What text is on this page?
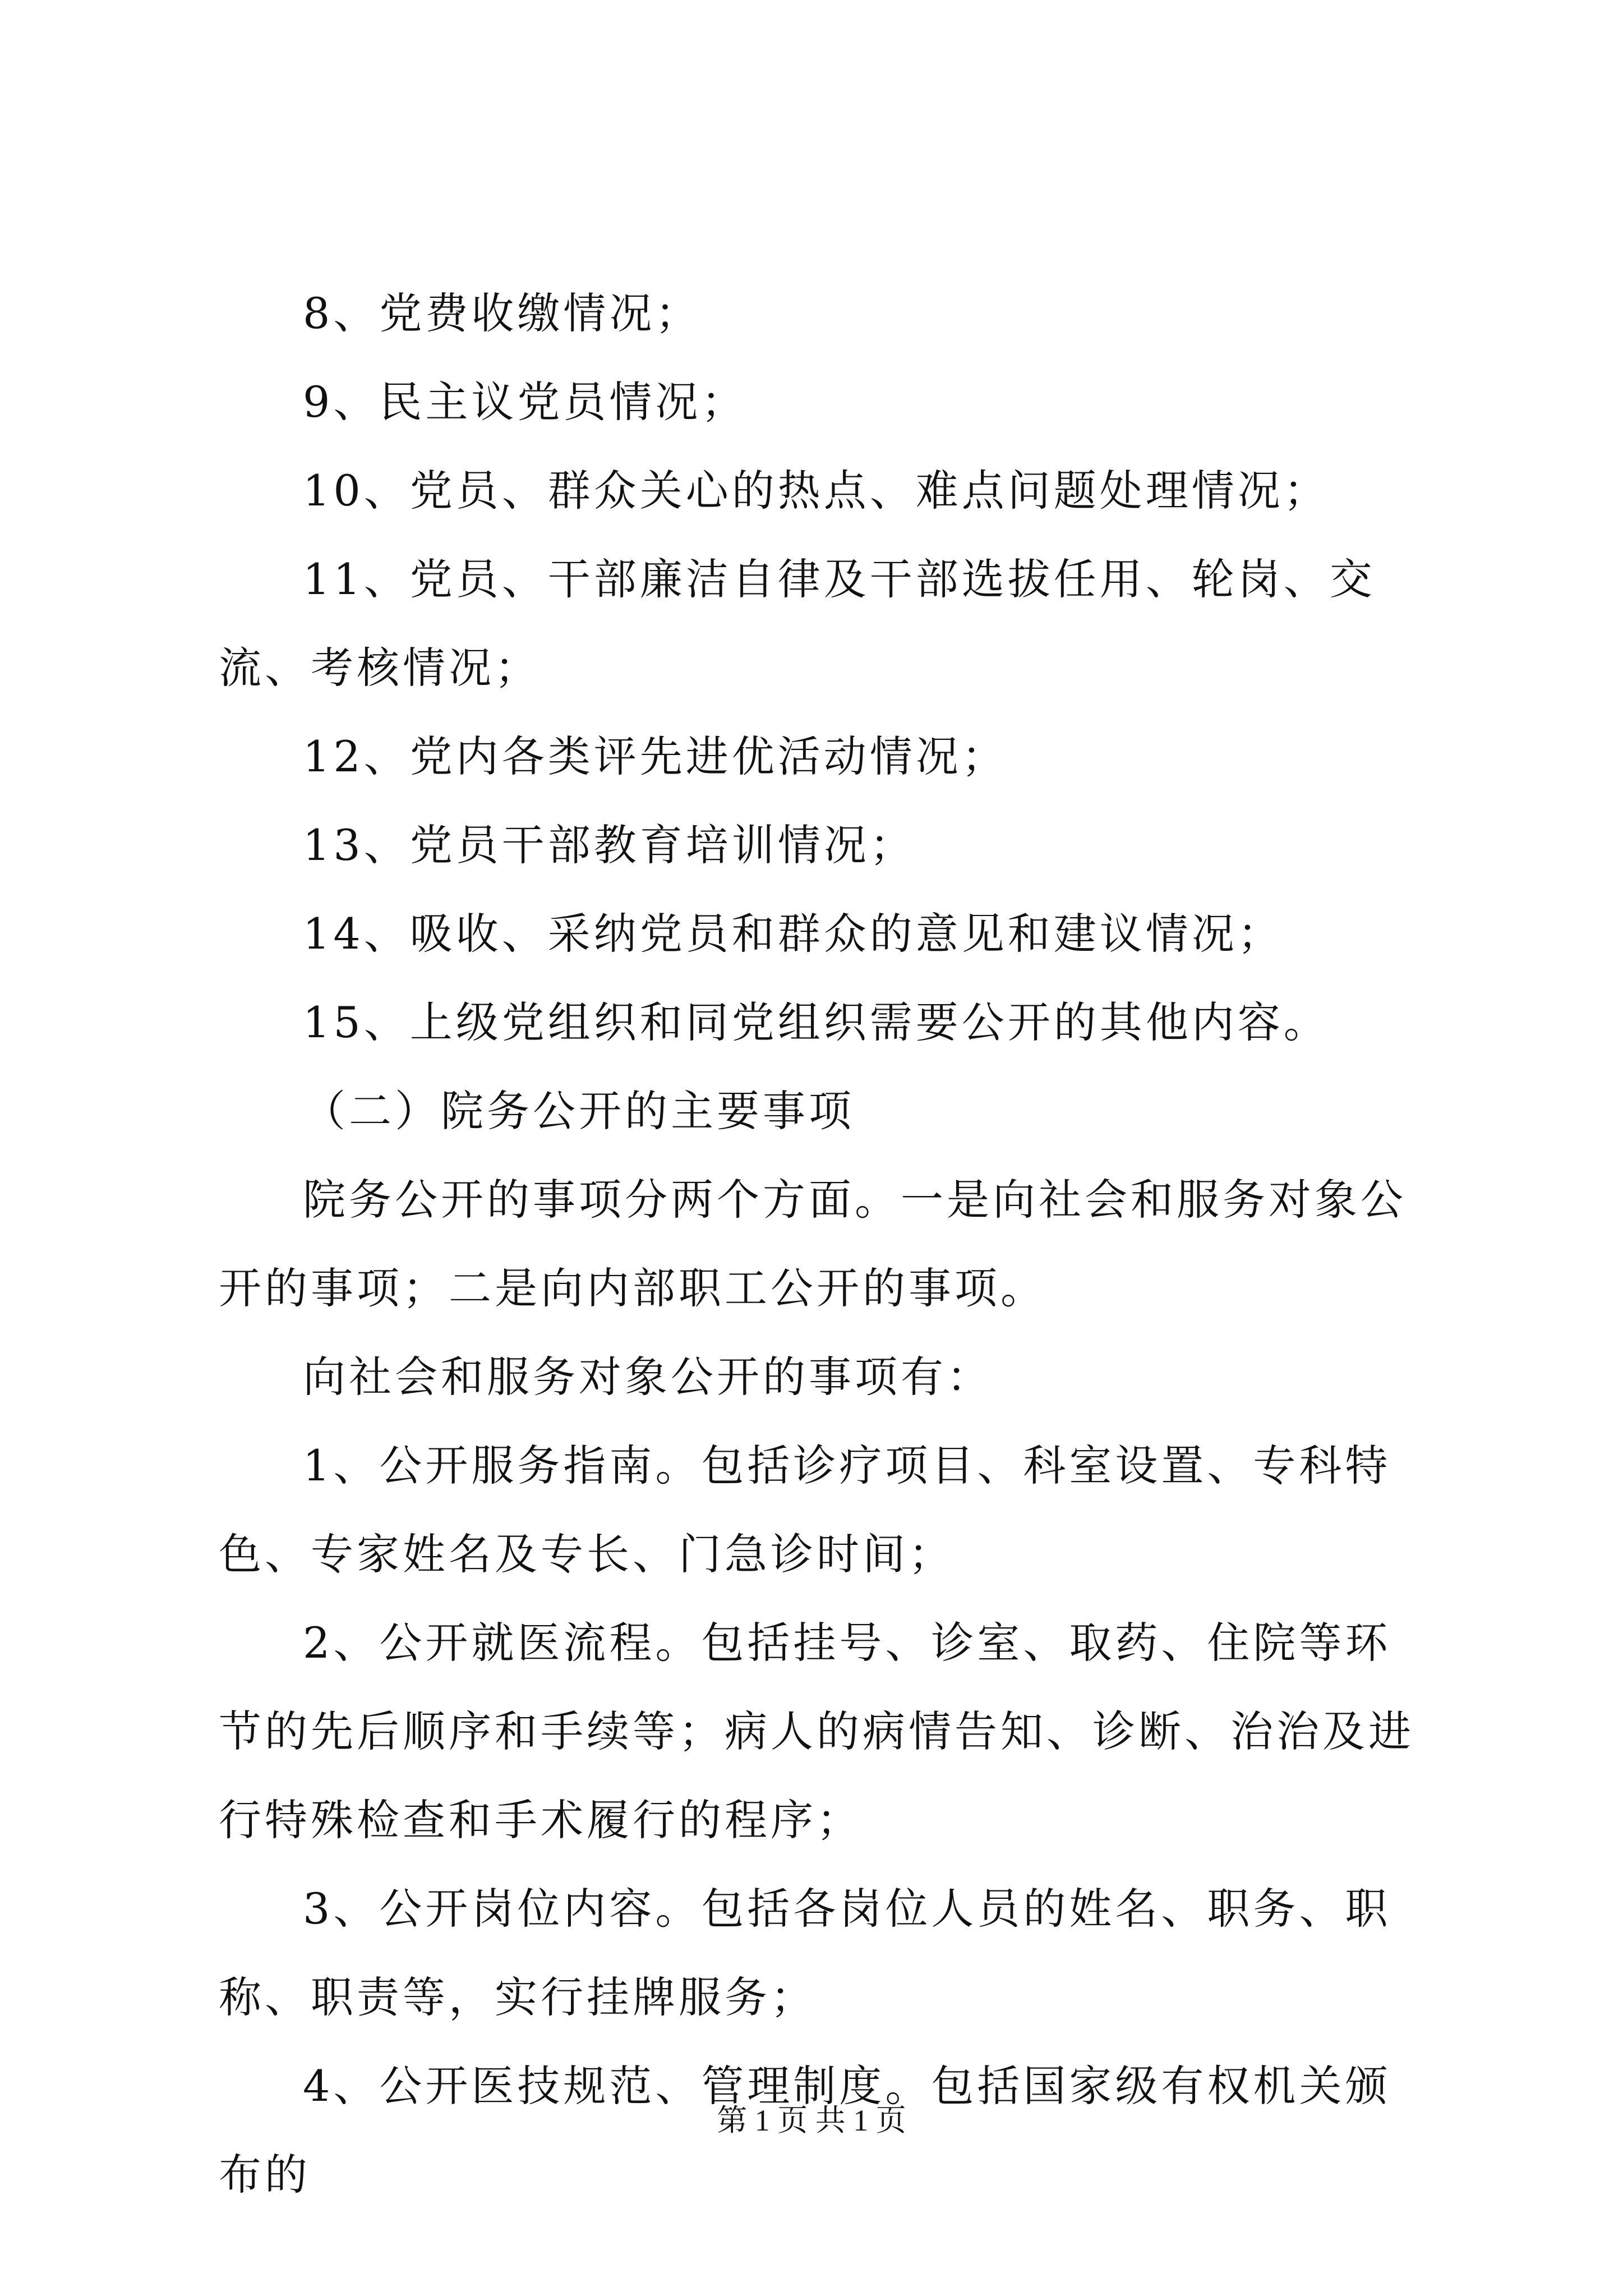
8、党费收缴情况；

9、民主议党员情况；

10、党员、群众关心的热点、难点问题处理情况；

11、党员、干部廉洁自律及干部选拔任用、轮岗、交流、考核情况；

12、党内各类评先进优活动情况；

13、党员干部教育培训情况；

14、吸收、采纳党员和群众的意见和建议情况；

15、上级党组织和同党组织需要公开的其他内容。

（二）院务公开的主要事项

院务公开的事项分两个方面。一是向社会和服务对象公开的事项；二是向内部职工公开的事项。

向社会和服务对象公开的事项有：

1、公开服务指南。包括诊疗项目、科室设置、专科特色、专家姓名及专长、门急诊时间；

2、公开就医流程。包括挂号、诊室、取药、住院等环节的先后顺序和手续等；病人的病情告知、诊断、治治及进行特殊检查和手术履行的程序；

3、公开岗位内容。包括各岗位人员的姓名、职务、职称、职责等，实行挂牌服务；

4、公开医技规范、管理制度。包括国家级有权机关颁布的

第 1 页 共 1 页
